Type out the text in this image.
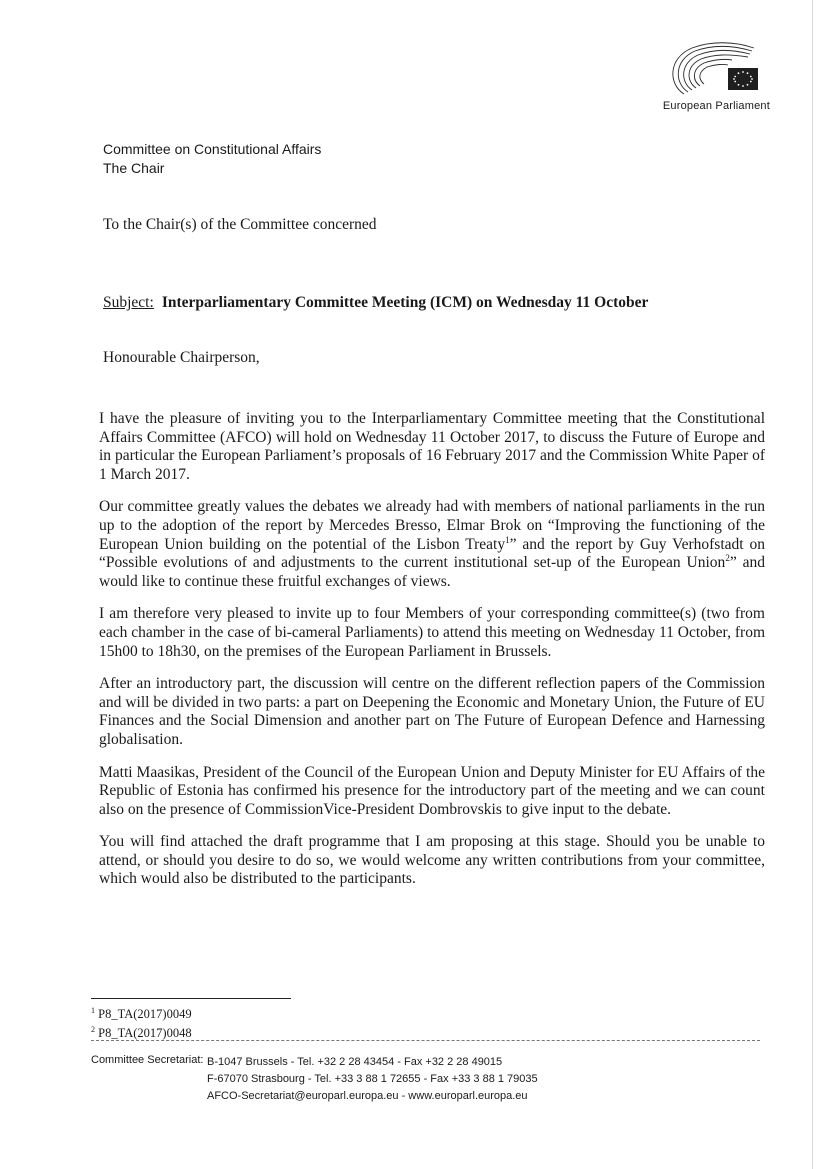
European Parliament
Committee on Constitutional Affairs
The Chair
To the Chair(s) of the Committee concerned
Subject: Interparliamentary Committee Meeting (ICM) on Wednesday 11 October
Honourable Chairperson,

I have the pleasure of inviting you to the Interparliamentary Committee meeting that the Constitutional Affairs Committee (AFCO) will hold on Wednesday 11 October 2017, to discuss the Future of Europe and in particular the European Parliament’s proposals of 16 February 2017 and the Commission White Paper of 1 March 2017.

Our committee greatly values the debates we already had with members of national parliaments in the run up to the adoption of the report by Mercedes Bresso, Elmar Brok on “Improving the functioning of the European Union building on the potential of the Lisbon Treaty$^1$” and the report by Guy Verhofstadt on “Possible evolutions of and adjustments to the current institutional set-up of the European Union$^2$” and would like to continue these fruitful exchanges of views.

I am therefore very pleased to invite up to four Members of your corresponding committee(s) (two from each chamber in the case of bi-cameral Parliaments) to attend this meeting on Wednesday 11 October, from 15h00 to 18h30, on the premises of the European Parliament in Brussels.

After an introductory part, the discussion will centre on the different reflection papers of the Commission and will be divided in two parts: a part on Deepening the Economic and Monetary Union, the Future of EU Finances and the Social Dimension and another part on The Future of European Defence and Harnessing globalisation.

Matti Maasikas, President of the Council of the European Union and Deputy Minister for EU Affairs of the Republic of Estonia has confirmed his presence for the introductory part of the meeting and we can count also on the presence of CommissionVice-President Dombrovskis to give input to the debate.

You will find attached the draft programme that I am proposing at this stage. Should you be unable to attend, or should you desire to do so, we would welcome any written contributions from your committee, which would also be distributed to the participants.

$^1$ P8_TA(2017)0049
$^2$ P8_TA(2017)0048
Committee Secretariat: B-1047 Brussels - Tel. +32 2 28 43454 - Fax +32 2 28 49015
F-67070 Strasbourg - Tel. +33 3 88 1 72655 - Fax +33 3 88 1 79035
AFCO-Secretariat@europarl.europa.eu - www.europarl.europa.eu
